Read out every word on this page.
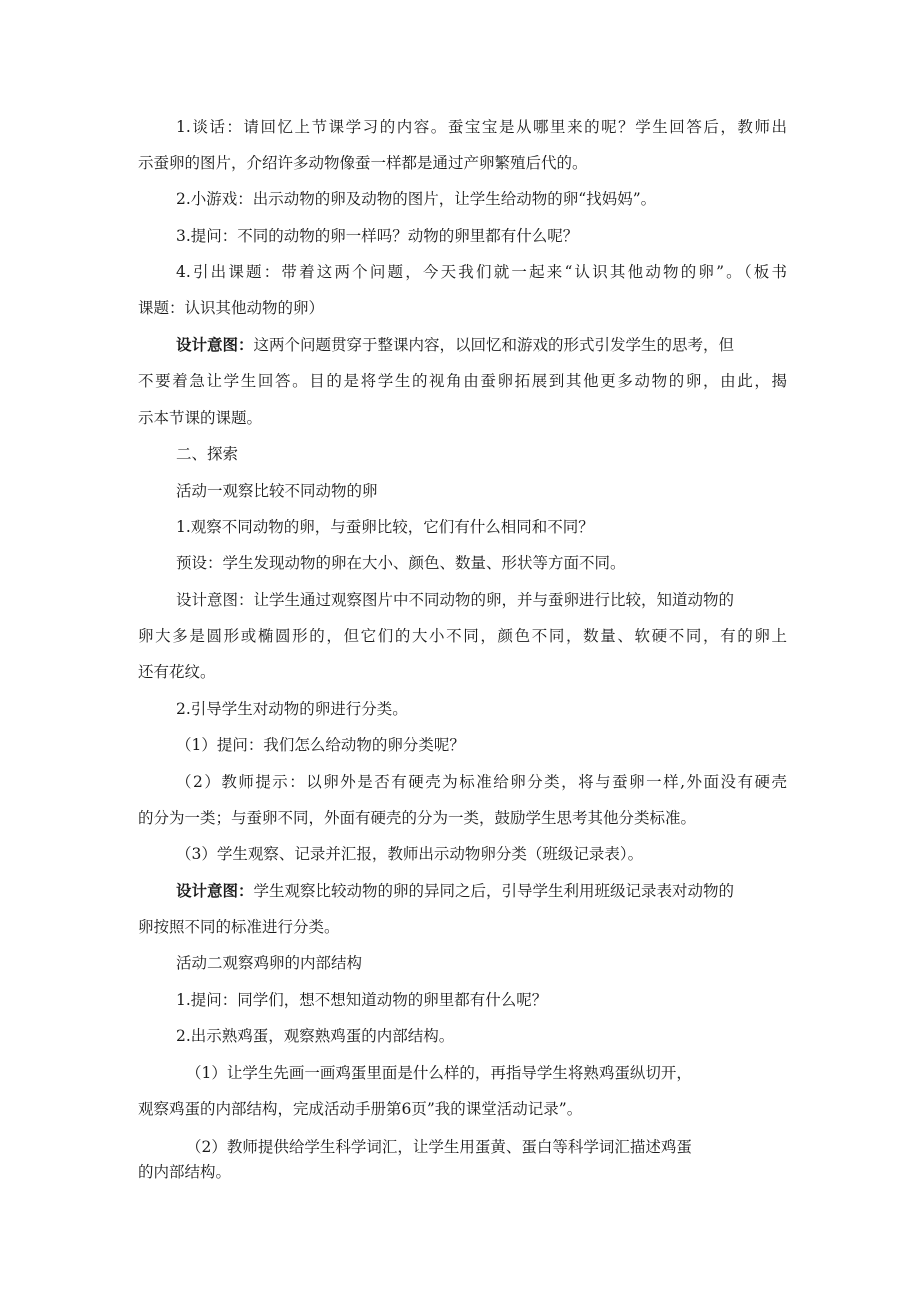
1.谈话：请回忆上节课学习的内容。蚕宝宝是从哪里来的呢？学生回答后，教师出
示蚕卵的图片，介绍许多动物像蚕一样都是通过产卵繁殖后代的。
2.小游戏：出示动物的卵及动物的图片，让学生给动物的卵“找妈妈”。
3.提问：不同的动物的卵一样吗？动物的卵里都有什么呢？
4.引出课题：带着这两个问题，今天我们就一起来“认识其他动物的卵”。（板书
课题：认识其他动物的卵）
设计意图：这两个问题贯穿于整课内容，以回忆和游戏的形式引发学生的思考，但
不要着急让学生回答。目的是将学生的视角由蚕卵拓展到其他更多动物的卵，由此，揭
示本节课的课题。
二、探索
活动一观察比较不同动物的卵
1.观察不同动物的卵，与蚕卵比较，它们有什么相同和不同？
预设：学生发现动物的卵在大小、颜色、数量、形状等方面不同。
设计意图：让学生通过观察图片中不同动物的卵，并与蚕卵进行比较，知道动物的
卵大多是圆形或椭圆形的，但它们的大小不同，颜色不同，数量、软硬不同，有的卵上
还有花纹。
2.引导学生对动物的卵进行分类。
（1）提问：我们怎么给动物的卵分类呢？
（2）教师提示：以卵外是否有硬壳为标准给卵分类，将与蚕卵一样,外面没有硬壳
的分为一类；与蚕卵不同，外面有硬壳的分为一类，鼓励学生思考其他分类标准。
（3）学生观察、记录并汇报，教师出示动物卵分类（班级记录表）。
设计意图：学生观察比较动物的卵的异同之后，引导学生利用班级记录表对动物的
卵按照不同的标准进行分类。
活动二观察鸡卵的内部结构
1.提问：同学们，想不想知道动物的卵里都有什么呢？
2.出示熟鸡蛋，观察熟鸡蛋的内部结构。
（1）让学生先画一画鸡蛋里面是什么样的，再指导学生将熟鸡蛋纵切开，
观察鸡蛋的内部结构，完成活动手册第6页”我的课堂活动记录”。
（2）教师提供给学生科学词汇，让学生用蛋黄、蛋白等科学词汇描述鸡蛋
的内部结构。
